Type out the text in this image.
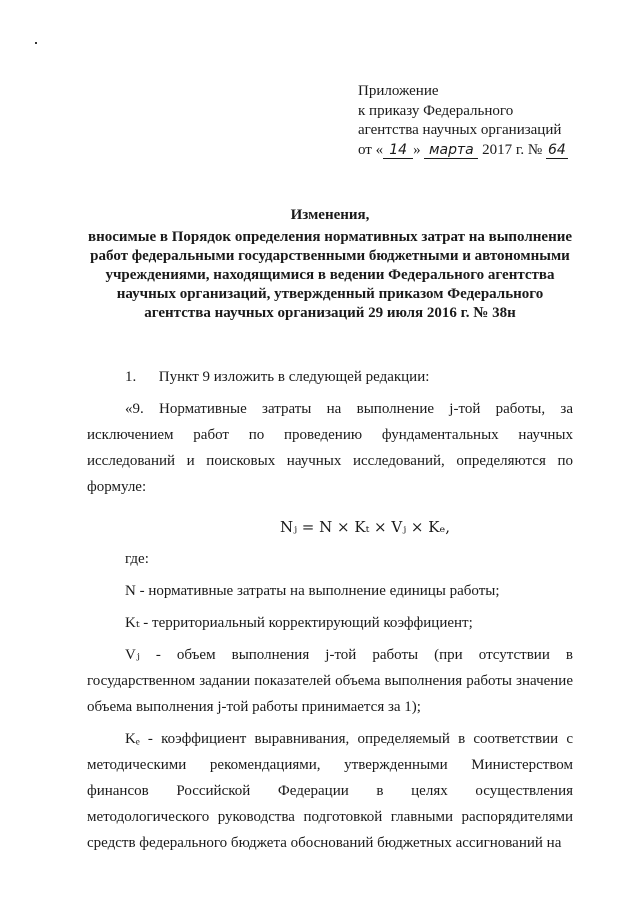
Приложение
к приказу Федерального
агентства научных организаций
от « 14 » марта 2017 г. № 64
Изменения,
вносимые в Порядок определения нормативных затрат на выполнение
работ федеральными государственными бюджетными и автономными
учреждениями, находящимися в ведении Федерального агентства
научных организаций, утвержденный приказом Федерального
агентства научных организаций 29 июля 2016 г. № 38н

1.      Пункт 9 изложить в следующей редакции:

«9. Нормативные затраты на выполнение j-той работы, за исключением работ по проведению фундаментальных научных исследований и поисковых научных исследований, определяются по формуле:

Nⱼ = N × Kₜ × Vⱼ × Kₑ,

где:

N - нормативные затраты на выполнение единицы работы;

Kₜ - территориальный корректирующий коэффициент;

Vⱼ - объем выполнения j-той работы (при отсутствии в государственном задании показателей объема выполнения работы значение объема выполнения j-той работы принимается за 1);

Kₑ - коэффициент выравнивания, определяемый в соответствии с методическими рекомендациями, утвержденными Министерством финансов Российской Федерации в целях осуществления методологического руководства подготовкой главными распорядителями средств федерального бюджета обоснований бюджетных ассигнований на
